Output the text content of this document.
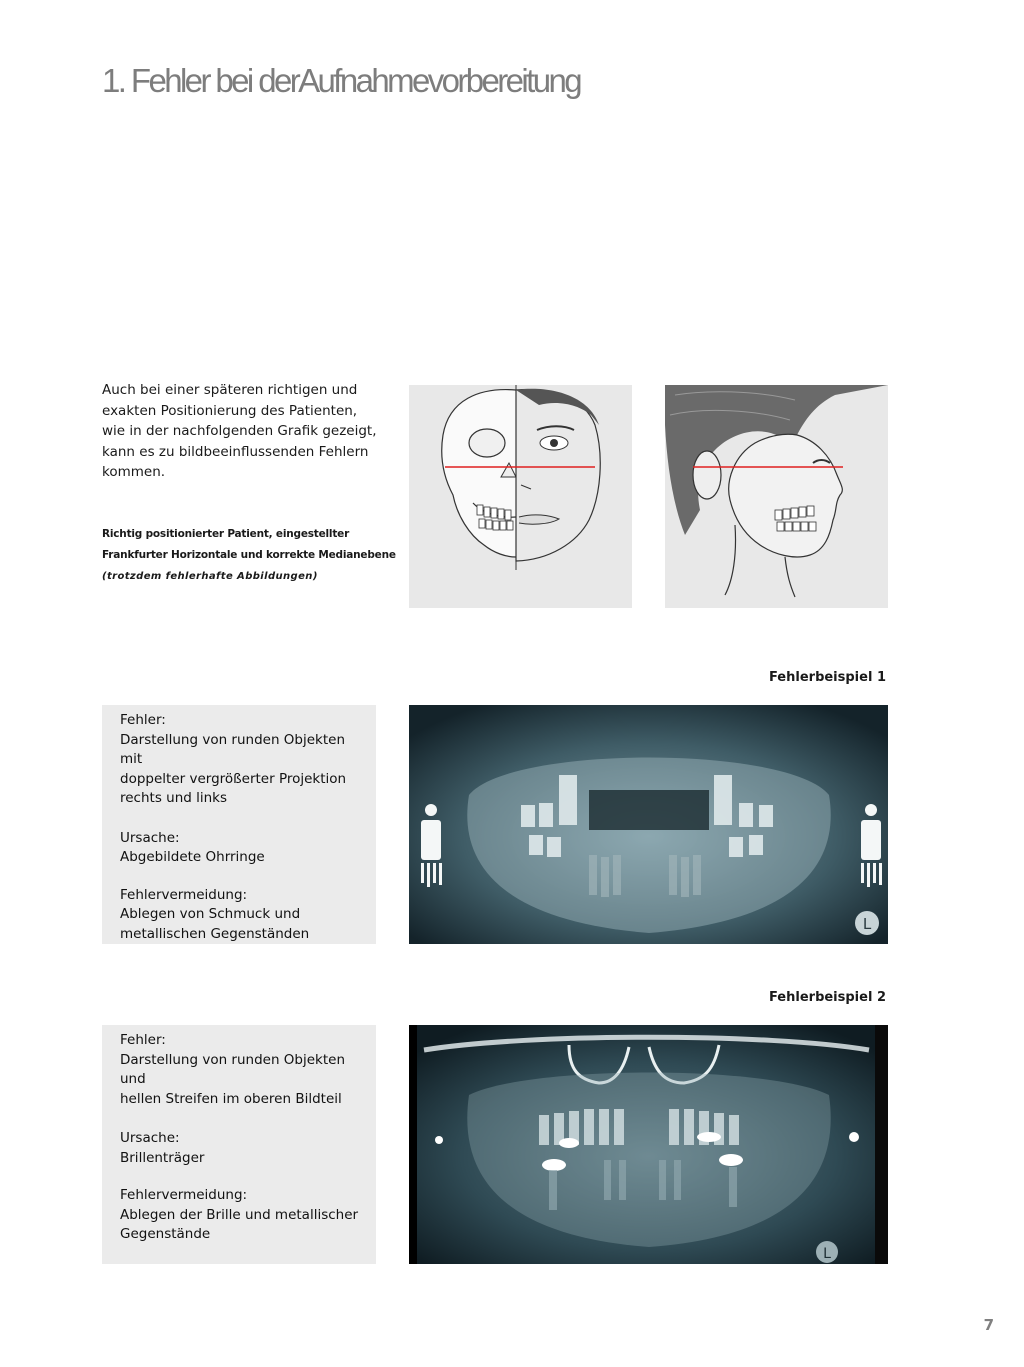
1. Fehler bei derAufnahmevorbereitung
Auch bei einer späteren richtigen und
exakten Positionierung des Patienten,
wie in der nachfolgenden Grafik gezeigt,
kann es zu bildbeeinflussenden Fehlern
kommen.
Richtig positionierter Patient, eingestellter
Frankfurter Horizontale und korrekte Medianebene
(trotzdem fehlerhafte Abbildungen)
Fehlerbeispiel 1
Fehler:
Darstellung von runden Objekten mit
doppelter vergrößerter Projektion
rechts und links
Ursache:
Abgebildete Ohrringe
Fehlervermeidung:
Ablegen von Schmuck und
metallischen Gegenständen
L
Fehlerbeispiel 2
Fehler:
Darstellung von runden Objekten und
hellen Streifen im oberen Bildteil
Ursache:
Brillenträger
Fehlervermeidung:
Ablegen der Brille und metallischer
Gegenstände
L
7
